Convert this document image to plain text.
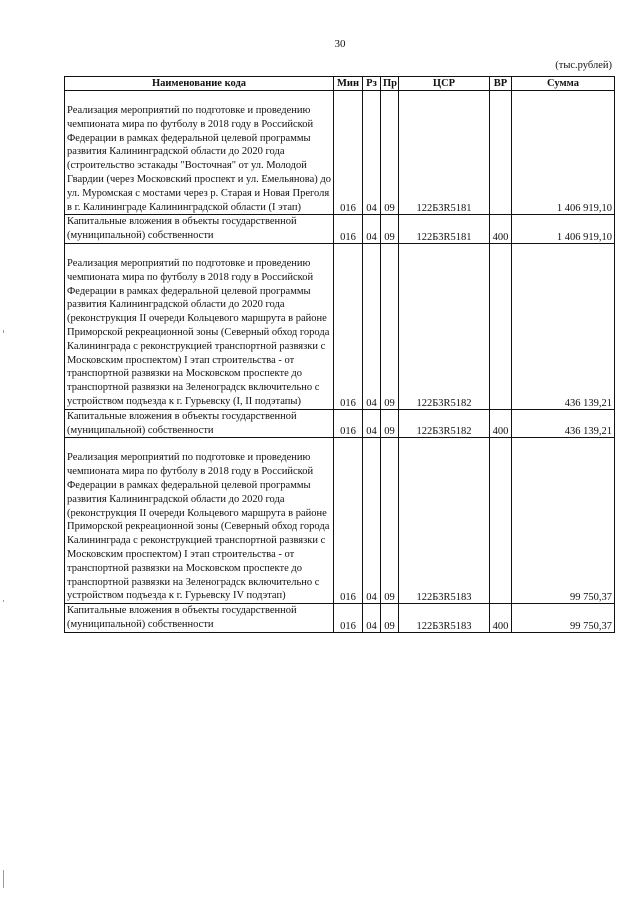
30
(тыс.рублей)
Наименование кода	Мин	Рз	Пр	ЦСР	ВР	Сумма

Реализация мероприятий по подготовке и проведению чемпионата мира по футболу в 2018 году в Российской Федерации в рамках федеральной целевой программы развития Калининградской области до 2020 года (строительство эстакады "Восточная" от ул. Молодой Гвардии (через Московский проспект и ул. Емельянова) до ул. Муромская с мостами через р. Старая и Новая Преголя в г. Калининграде Калининградской области (I этап)	016	04	09	122Б3R5181		1 406 919,10
Капитальные вложения в объекты государственной (муниципальной) собственности	016	04	09	122Б3R5181	400	1 406 919,10

Реализация мероприятий по подготовке и проведению чемпионата мира по футболу в 2018 году в Российской Федерации в рамках федеральной целевой программы развития Калининградской области до 2020 года (реконструкция II очереди Кольцевого маршрута в районе Приморской рекреационной зоны (Северный обход города Калининграда с реконструкцией транспортной развязки с Московским проспектом) I этап строительства - от транспортной развязки на Московском проспекте до транспортной развязки на Зеленоградск включительно с устройством подъезда к г. Гурьевску (I, II подэтапы)	016	04	09	122Б3R5182		436 139,21
Капитальные вложения в объекты государственной (муниципальной) собственности	016	04	09	122Б3R5182	400	436 139,21

Реализация мероприятий по подготовке и проведению чемпионата мира по футболу в 2018 году в Российской Федерации в рамках федеральной целевой программы развития Калининградской области до 2020 года (реконструкция II очереди Кольцевого маршрута в районе Приморской рекреационной зоны (Северный обход города Калининграда с реконструкцией транспортной развязки с Московским проспектом) I этап строительства - от транспортной развязки на Московском проспекте до транспортной развязки на Зеленоградск включительно с устройством подъезда к г. Гурьевску IV подэтап)	016	04	09	122Б3R5183		99 750,37
Капитальные вложения в объекты государственной (муниципальной) собственности	016	04	09	122Б3R5183	400	99 750,37
